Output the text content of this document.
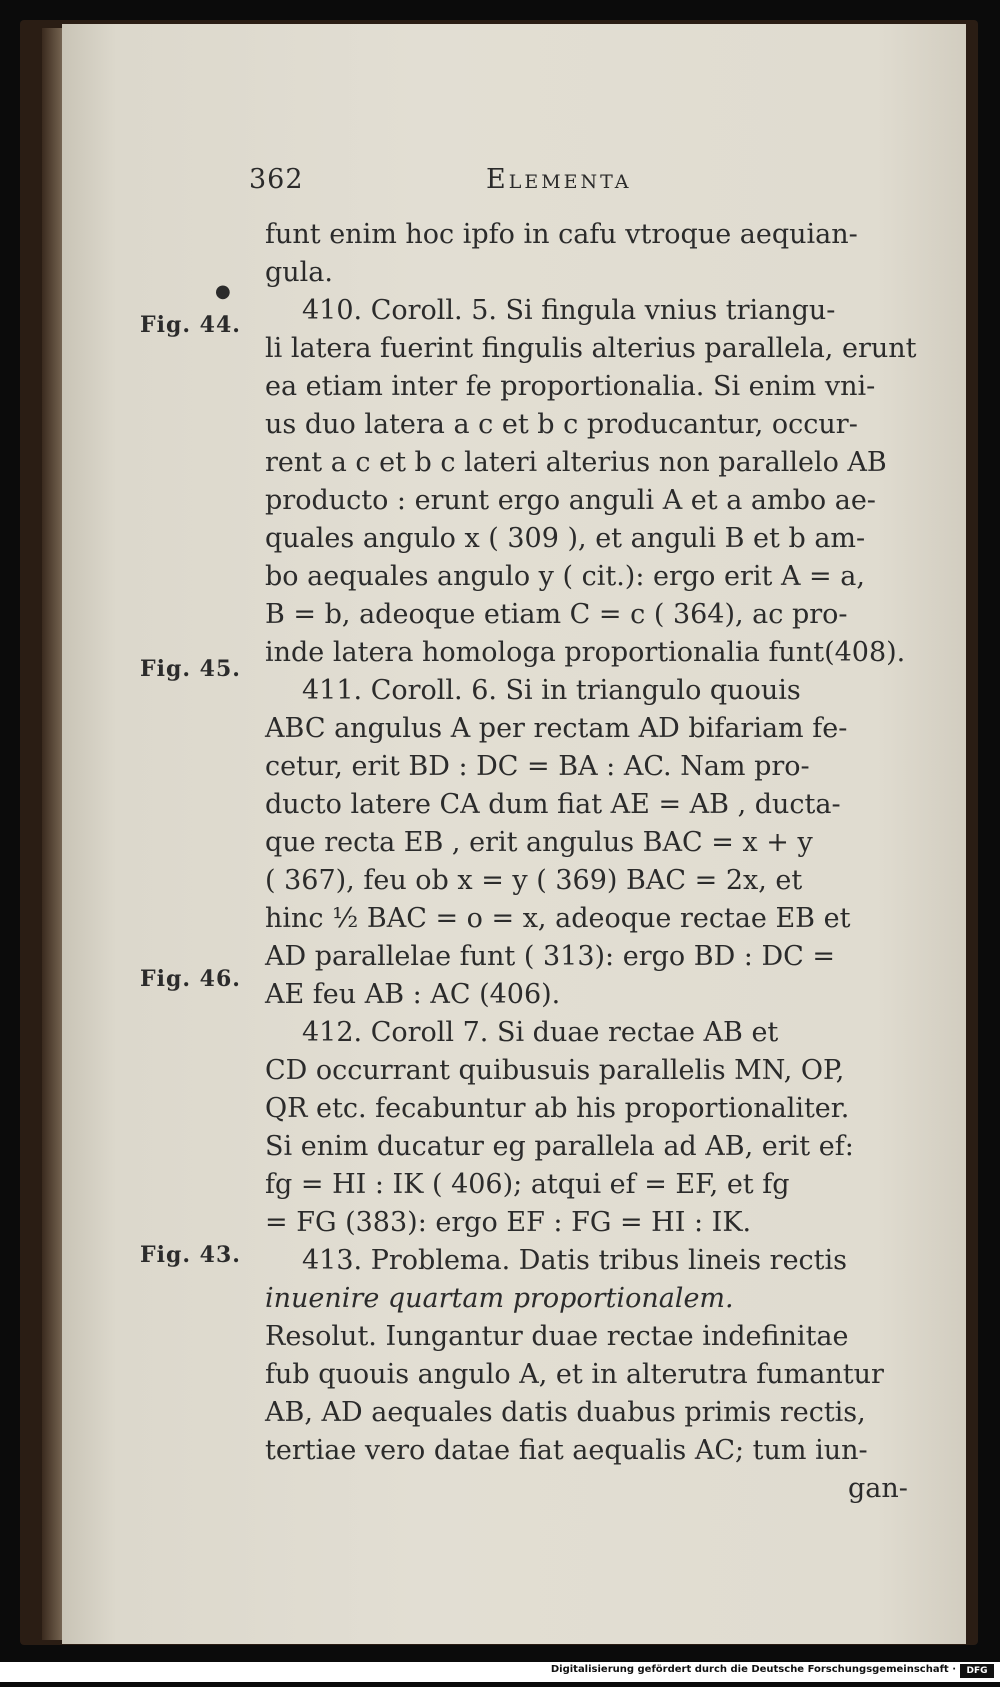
362	Elementa
●
Fig. 44.
Fig. 45.
Fig. 46.
Fig. 43.
funt enim hoc ipfo in cafu vtroque aequian-
gula.
410. Coroll. 5. Si fingula vnius triangu-
li latera fuerint fingulis alterius parallela, erunt
ea etiam inter fe proportionalia. Si enim vni-
us duo latera a c et b c producantur, occur-
rent a c et b c lateri alterius non parallelo AB
producto : erunt ergo anguli A et a ambo ae-
quales angulo x ( 309 ), et anguli B et b am-
bo aequales angulo y ( cit.): ergo erit A = a,
B = b, adeoque etiam C = c ( 364), ac pro-
inde latera homologa proportionalia funt(408).
411. Coroll. 6. Si in triangulo quouis
ABC angulus A per rectam AD bifariam fe-
cetur, erit BD : DC = BA : AC. Nam pro-
ducto latere CA dum fiat AE = AB , ducta-
que recta EB , erit angulus BAC = x + y
( 367), feu ob x = y ( 369) BAC = 2x, et
hinc ½ BAC = o = x, adeoque rectae EB et
AD parallelae funt ( 313): ergo BD : DC =
AE feu AB : AC (406).
412. Coroll 7. Si duae rectae AB et
CD occurrant quibusuis parallelis MN, OP,
QR etc. fecabuntur ab his proportionaliter.
Si enim ducatur eg parallela ad AB, erit ef:
fg = HI : IK ( 406); atqui ef = EF, et fg
= FG (383): ergo EF : FG = HI : IK.
413. Problema. Datis tribus lineis rectis
inuenire quartam proportionalem.
Resolut. Iungantur duae rectae indefinitae
fub quouis angulo A, et in alterutra fumantur
AB, AD aequales datis duabus primis rectis,
tertiae vero datae fiat aequalis AC; tum iun-
gan-
Digitalisierung gefördert durch die Deutsche Forschungsgemeinschaft ·	DFG
